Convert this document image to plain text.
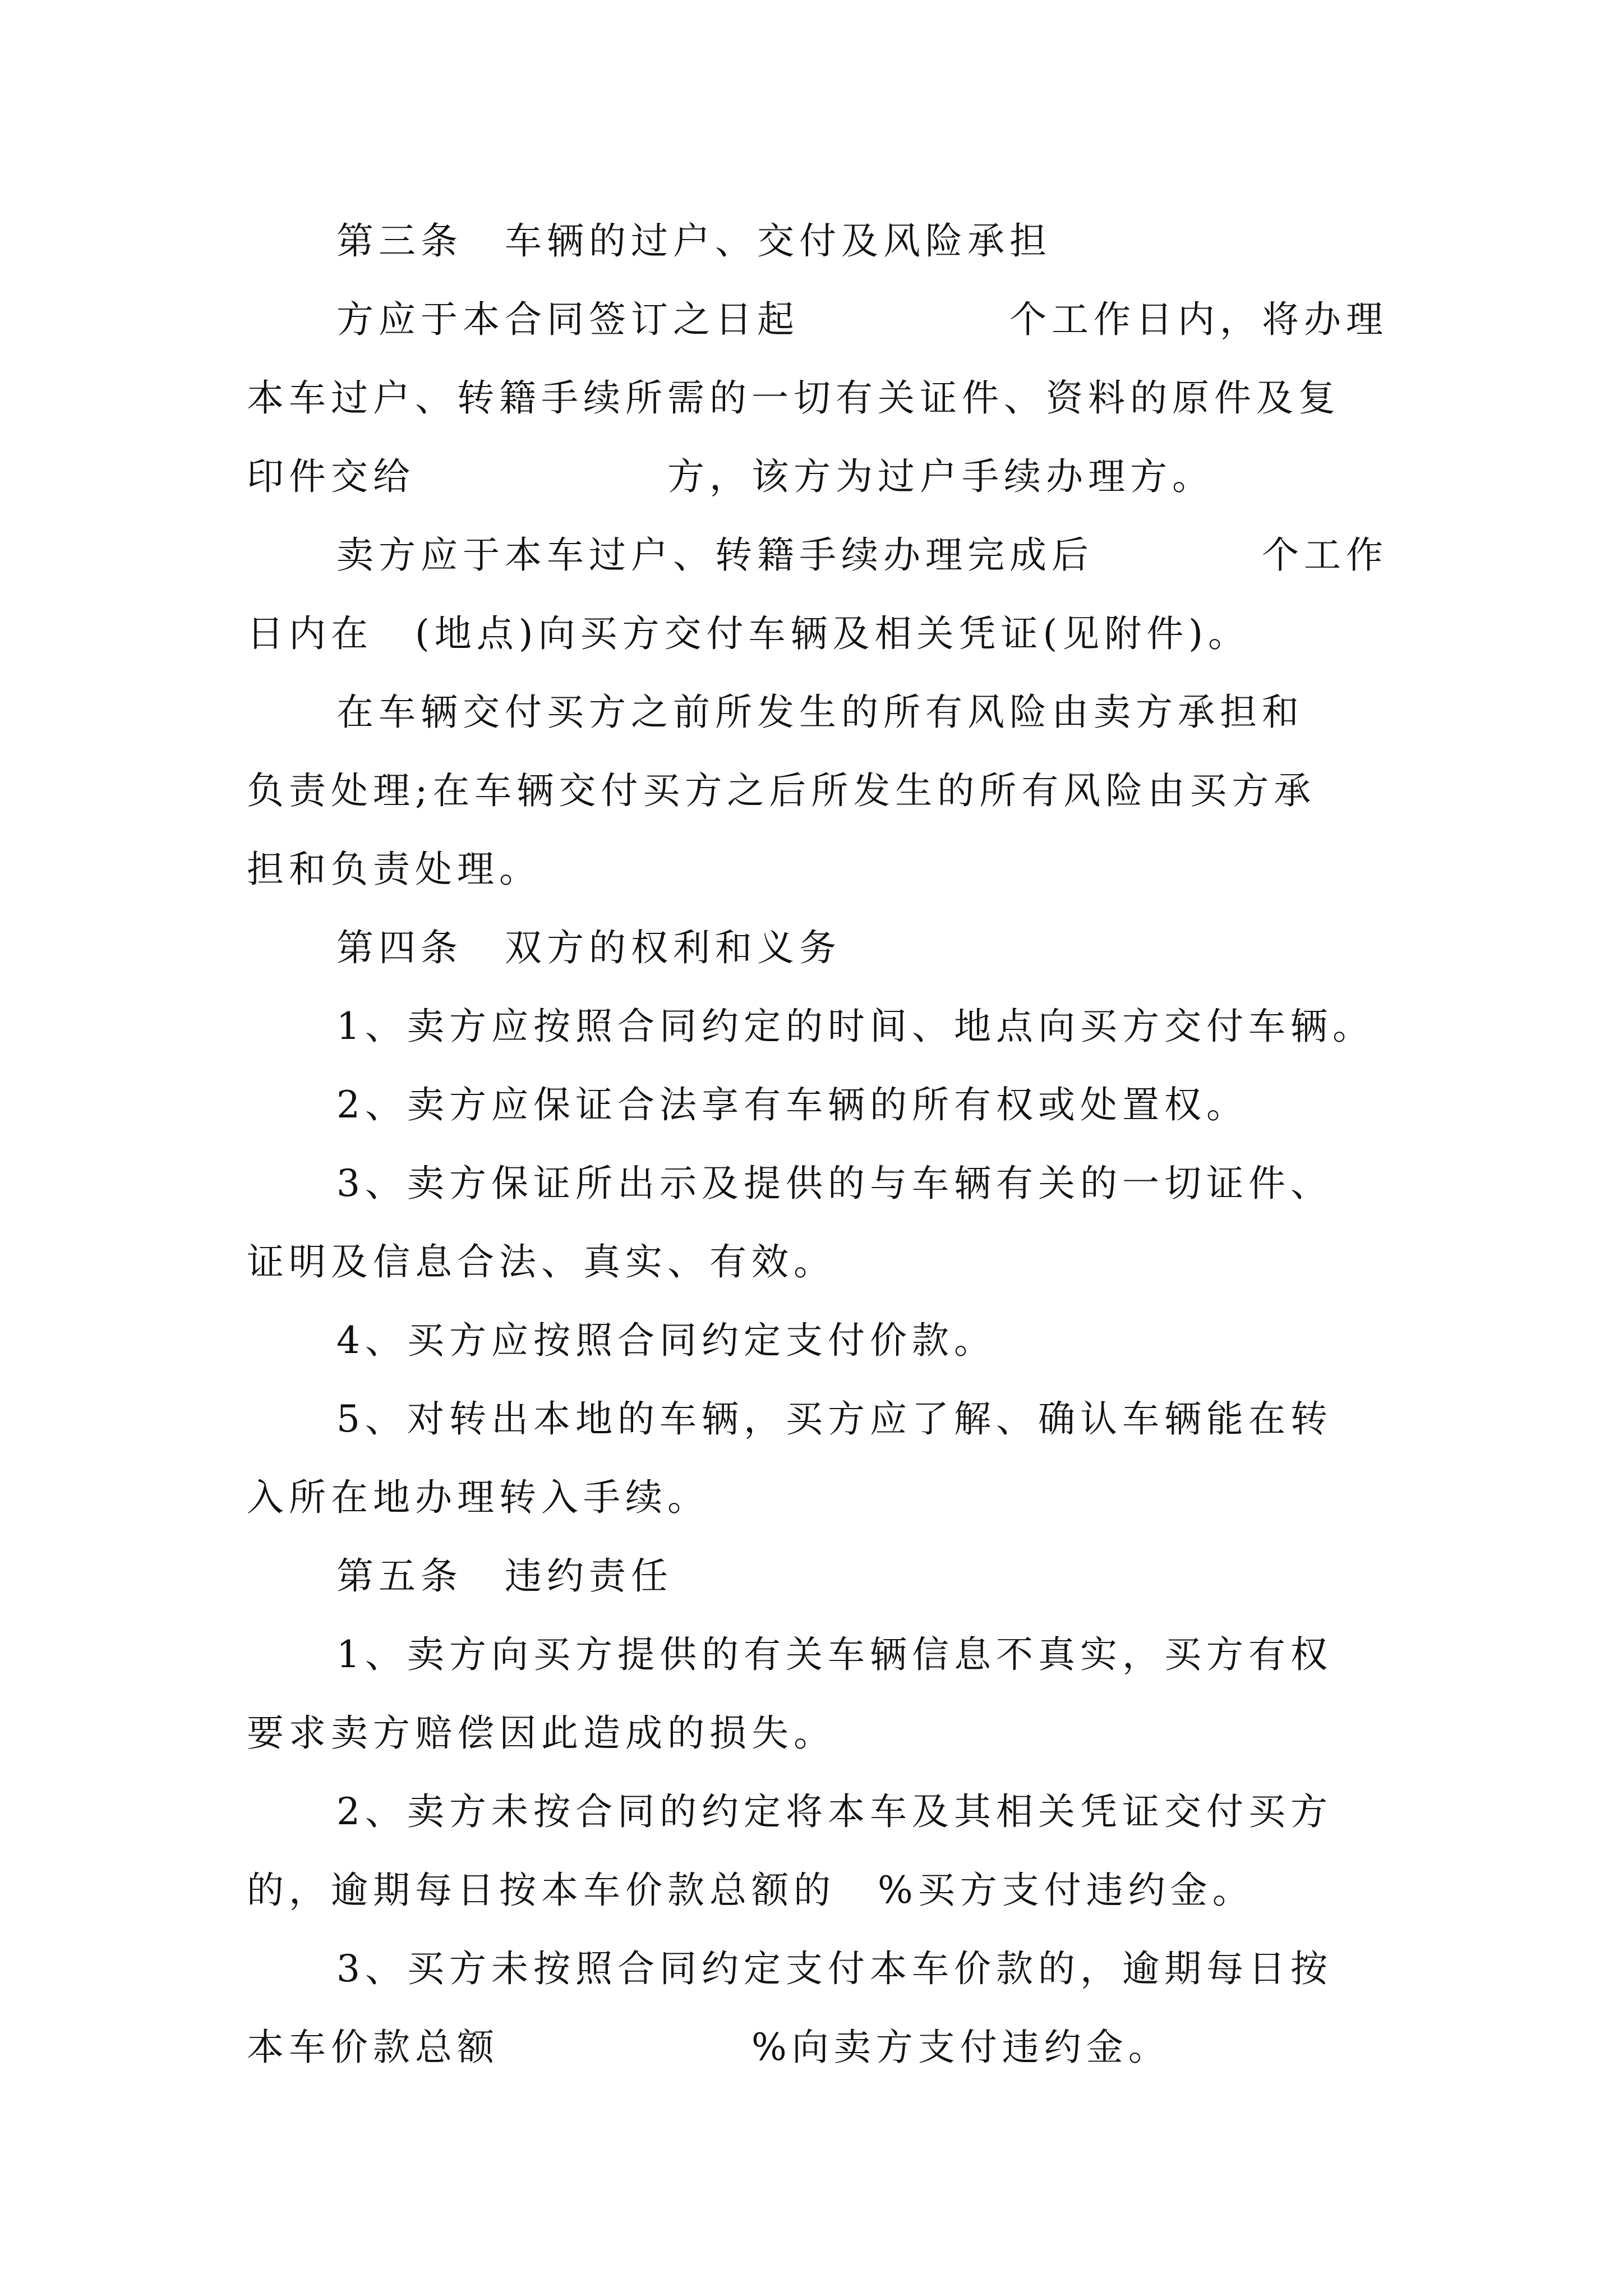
第三条　车辆的过户、交付及风险承担
方应于本合同签订之日起　　　　　个工作日内，将办理
本车过户、转籍手续所需的一切有关证件、资料的原件及复
印件交给　　　　　　方，该方为过户手续办理方。
卖方应于本车过户、转籍手续办理完成后　　　　个工作
日内在　(地点)向买方交付车辆及相关凭证(见附件)。
在车辆交付买方之前所发生的所有风险由卖方承担和
负责处理;在车辆交付买方之后所发生的所有风险由买方承
担和负责处理。
第四条　双方的权利和义务
1、卖方应按照合同约定的时间、地点向买方交付车辆。
2、卖方应保证合法享有车辆的所有权或处置权。
3、卖方保证所出示及提供的与车辆有关的一切证件、
证明及信息合法、真实、有效。
4、买方应按照合同约定支付价款。
5、对转出本地的车辆，买方应了解、确认车辆能在转
入所在地办理转入手续。
第五条　违约责任
1、卖方向买方提供的有关车辆信息不真实，买方有权
要求卖方赔偿因此造成的损失。
2、卖方未按合同的约定将本车及其相关凭证交付买方
的，逾期每日按本车价款总额的　%买方支付违约金。
3、买方未按照合同约定支付本车价款的，逾期每日按
本车价款总额　　　　　　%向卖方支付违约金。
